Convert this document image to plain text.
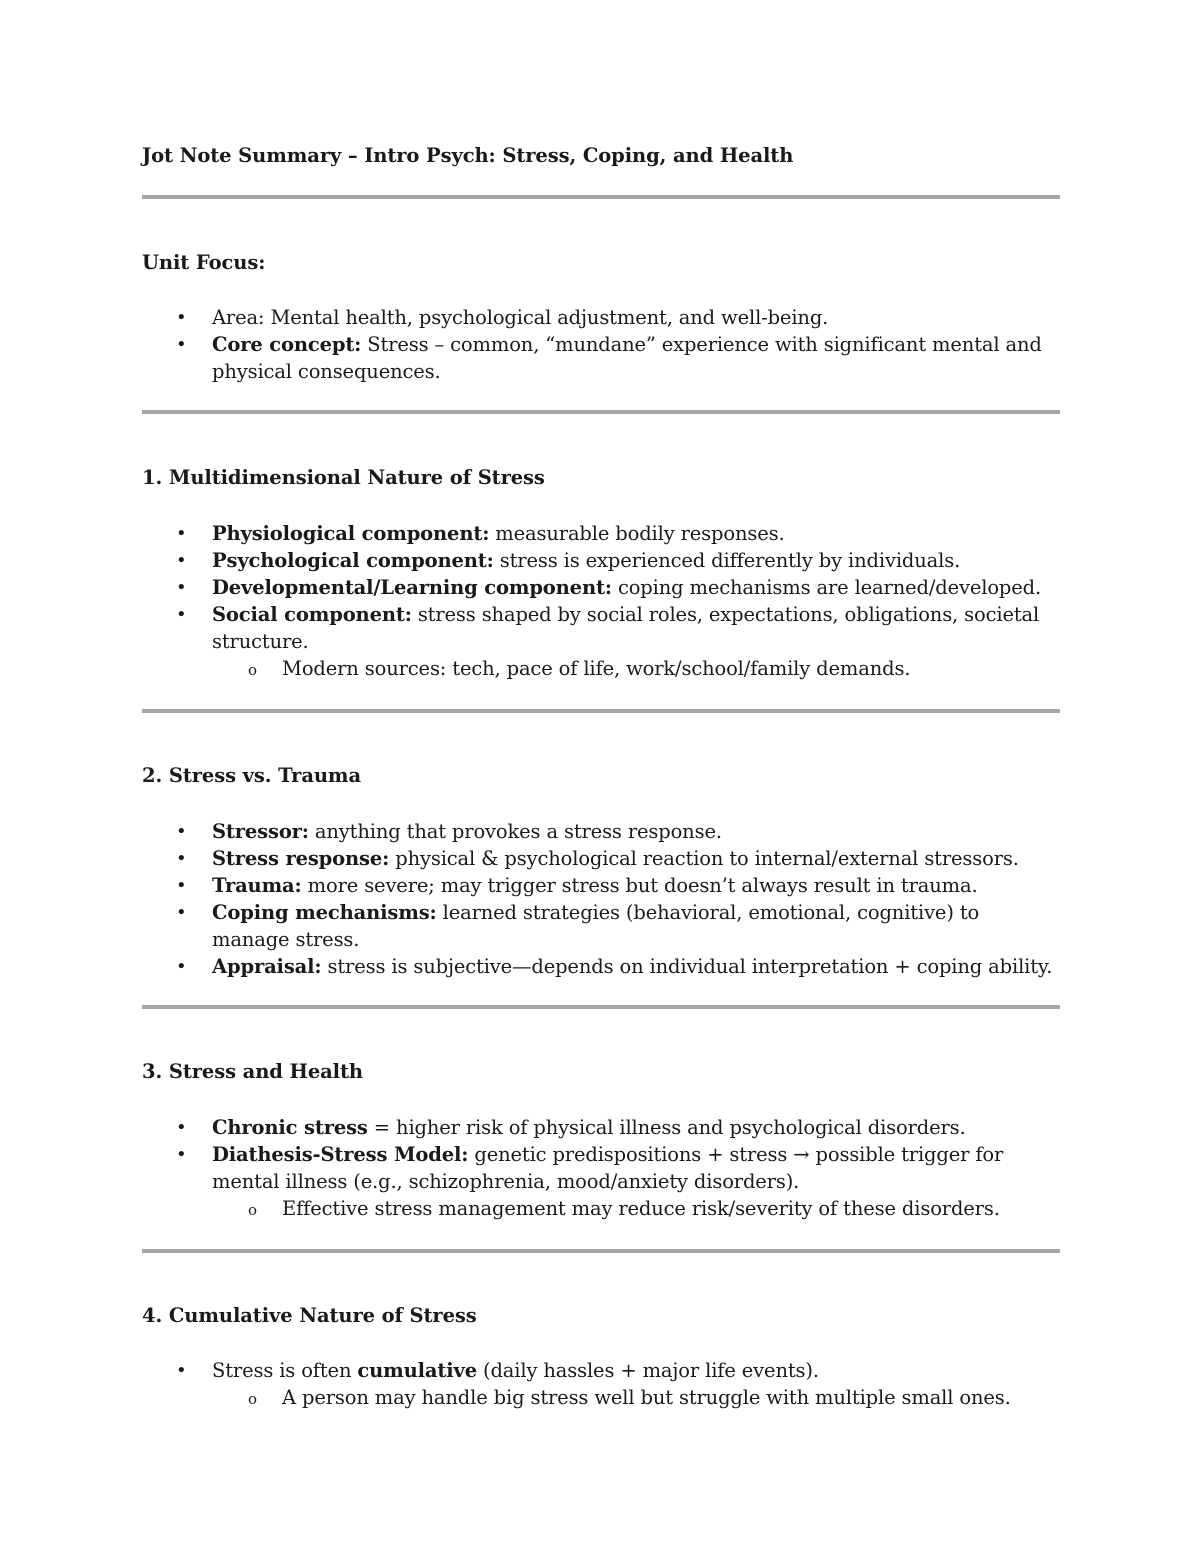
Jot Note Summary – Intro Psych: Stress, Coping, and Health
Unit Focus:
• Area: Mental health, psychological adjustment, and well-being.
• Core concept: Stress – common, “mundane” experience with significant mental and physical consequences.
1. Multidimensional Nature of Stress
• Physiological component: measurable bodily responses.
• Psychological component: stress is experienced differently by individuals.
• Developmental/Learning component: coping mechanisms are learned/developed.
• Social component: stress shaped by social roles, expectations, obligations, societal structure.
o Modern sources: tech, pace of life, work/school/family demands.
2. Stress vs. Trauma
• Stressor: anything that provokes a stress response.
• Stress response: physical & psychological reaction to internal/external stressors.
• Trauma: more severe; may trigger stress but doesn’t always result in trauma.
• Coping mechanisms: learned strategies (behavioral, emotional, cognitive) to manage stress.
• Appraisal: stress is subjective—depends on individual interpretation + coping ability.
3. Stress and Health
• Chronic stress = higher risk of physical illness and psychological disorders.
• Diathesis-Stress Model: genetic predispositions + stress → possible trigger for mental illness (e.g., schizophrenia, mood/anxiety disorders).
o Effective stress management may reduce risk/severity of these disorders.
4. Cumulative Nature of Stress
• Stress is often cumulative (daily hassles + major life events).
o A person may handle big stress well but struggle with multiple small ones.
